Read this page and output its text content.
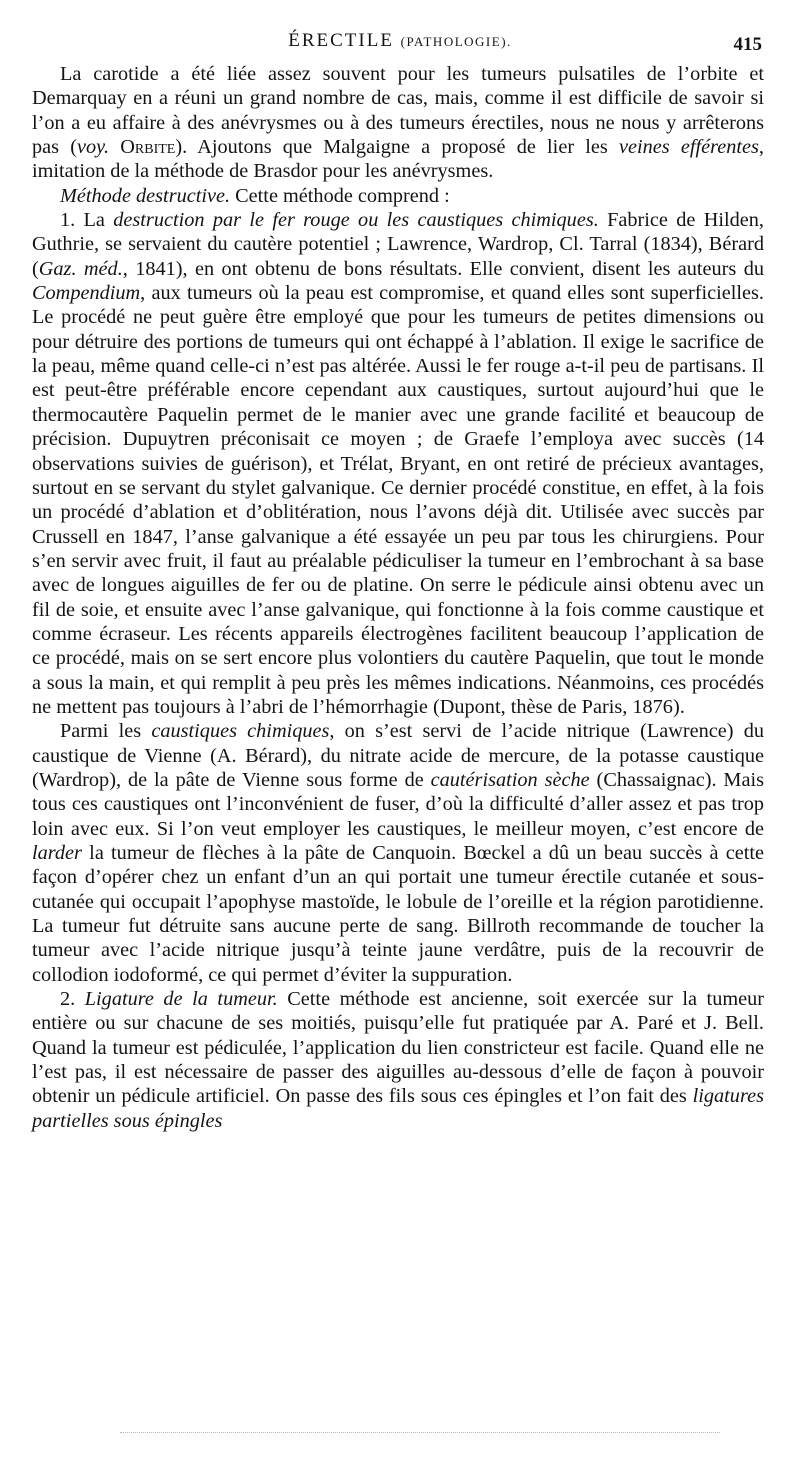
ÉRECTILE (PATHOLOGIE).	415

La carotide a été liée assez souvent pour les tumeurs pulsatiles de l’orbite et Demarquay en a réuni un grand nombre de cas, mais, comme il est difficile de savoir si l’on a eu affaire à des anévrysmes ou à des tumeurs érectiles, nous ne nous y arrêterons pas (voy. Orbite). Ajoutons que Malgaigne a proposé de lier les veines efférentes, imitation de la méthode de Brasdor pour les anévrysmes.

Méthode destructive. Cette méthode comprend :

1. La destruction par le fer rouge ou les caustiques chimiques. Fabrice de Hilden, Guthrie, se servaient du cautère potentiel ; Lawrence, Wardrop, Cl. Tarral (1834), Bérard (Gaz. méd., 1841), en ont obtenu de bons résultats. Elle convient, disent les auteurs du Compendium, aux tumeurs où la peau est compromise, et quand elles sont superficielles. Le procédé ne peut guère être employé que pour les tumeurs de petites dimensions ou pour détruire des portions de tumeurs qui ont échappé à l’ablation. Il exige le sacrifice de la peau, même quand celle-ci n’est pas altérée. Aussi le fer rouge a-t-il peu de partisans. Il est peut-être préférable encore cependant aux caustiques, surtout aujourd’hui que le thermocautère Paquelin permet de le manier avec une grande facilité et beaucoup de précision. Dupuytren préconisait ce moyen ; de Graefe l’employa avec succès (14 observations suivies de guérison), et Trélat, Bryant, en ont retiré de précieux avantages, surtout en se servant du stylet galvanique. Ce dernier procédé constitue, en effet, à la fois un procédé d’ablation et d’oblitération, nous l’avons déjà dit. Utilisée avec succès par Crussell en 1847, l’anse galvanique a été essayée un peu par tous les chirurgiens. Pour s’en servir avec fruit, il faut au préalable pédiculiser la tumeur en l’embrochant à sa base avec de longues aiguilles de fer ou de platine. On serre le pédicule ainsi obtenu avec un fil de soie, et ensuite avec l’anse galvanique, qui fonctionne à la fois comme caustique et comme écraseur. Les récents appareils électrogènes facilitent beaucoup l’application de ce procédé, mais on se sert encore plus volontiers du cautère Paquelin, que tout le monde a sous la main, et qui remplit à peu près les mêmes indications. Néanmoins, ces procédés ne mettent pas toujours à l’abri de l’hémorrhagie (Dupont, thèse de Paris, 1876).

Parmi les caustiques chimiques, on s’est servi de l’acide nitrique (Lawrence) du caustique de Vienne (A. Bérard), du nitrate acide de mercure, de la potasse caustique (Wardrop), de la pâte de Vienne sous forme de cautérisation sèche (Chassaignac). Mais tous ces caustiques ont l’inconvénient de fuser, d’où la difficulté d’aller assez et pas trop loin avec eux. Si l’on veut employer les caustiques, le meilleur moyen, c’est encore de larder la tumeur de flèches à la pâte de Canquoin. Bœckel a dû un beau succès à cette façon d’opérer chez un enfant d’un an qui portait une tumeur érectile cutanée et sous-cutanée qui occupait l’apophyse mastoïde, le lobule de l’oreille et la région parotidienne. La tumeur fut détruite sans aucune perte de sang. Billroth recommande de toucher la tumeur avec l’acide nitrique jusqu’à teinte jaune verdâtre, puis de la recouvrir de collodion iodoformé, ce qui permet d’éviter la suppuration.

2. Ligature de la tumeur. Cette méthode est ancienne, soit exercée sur la tumeur entière ou sur chacune de ses moitiés, puisqu’elle fut pratiquée par A. Paré et J. Bell. Quand la tumeur est pédiculée, l’application du lien constricteur est facile. Quand elle ne l’est pas, il est nécessaire de passer des aiguilles au-dessous d’elle de façon à pouvoir obtenir un pédicule artificiel. On passe des fils sous ces épingles et l’on fait des ligatures partielles sous épingles
